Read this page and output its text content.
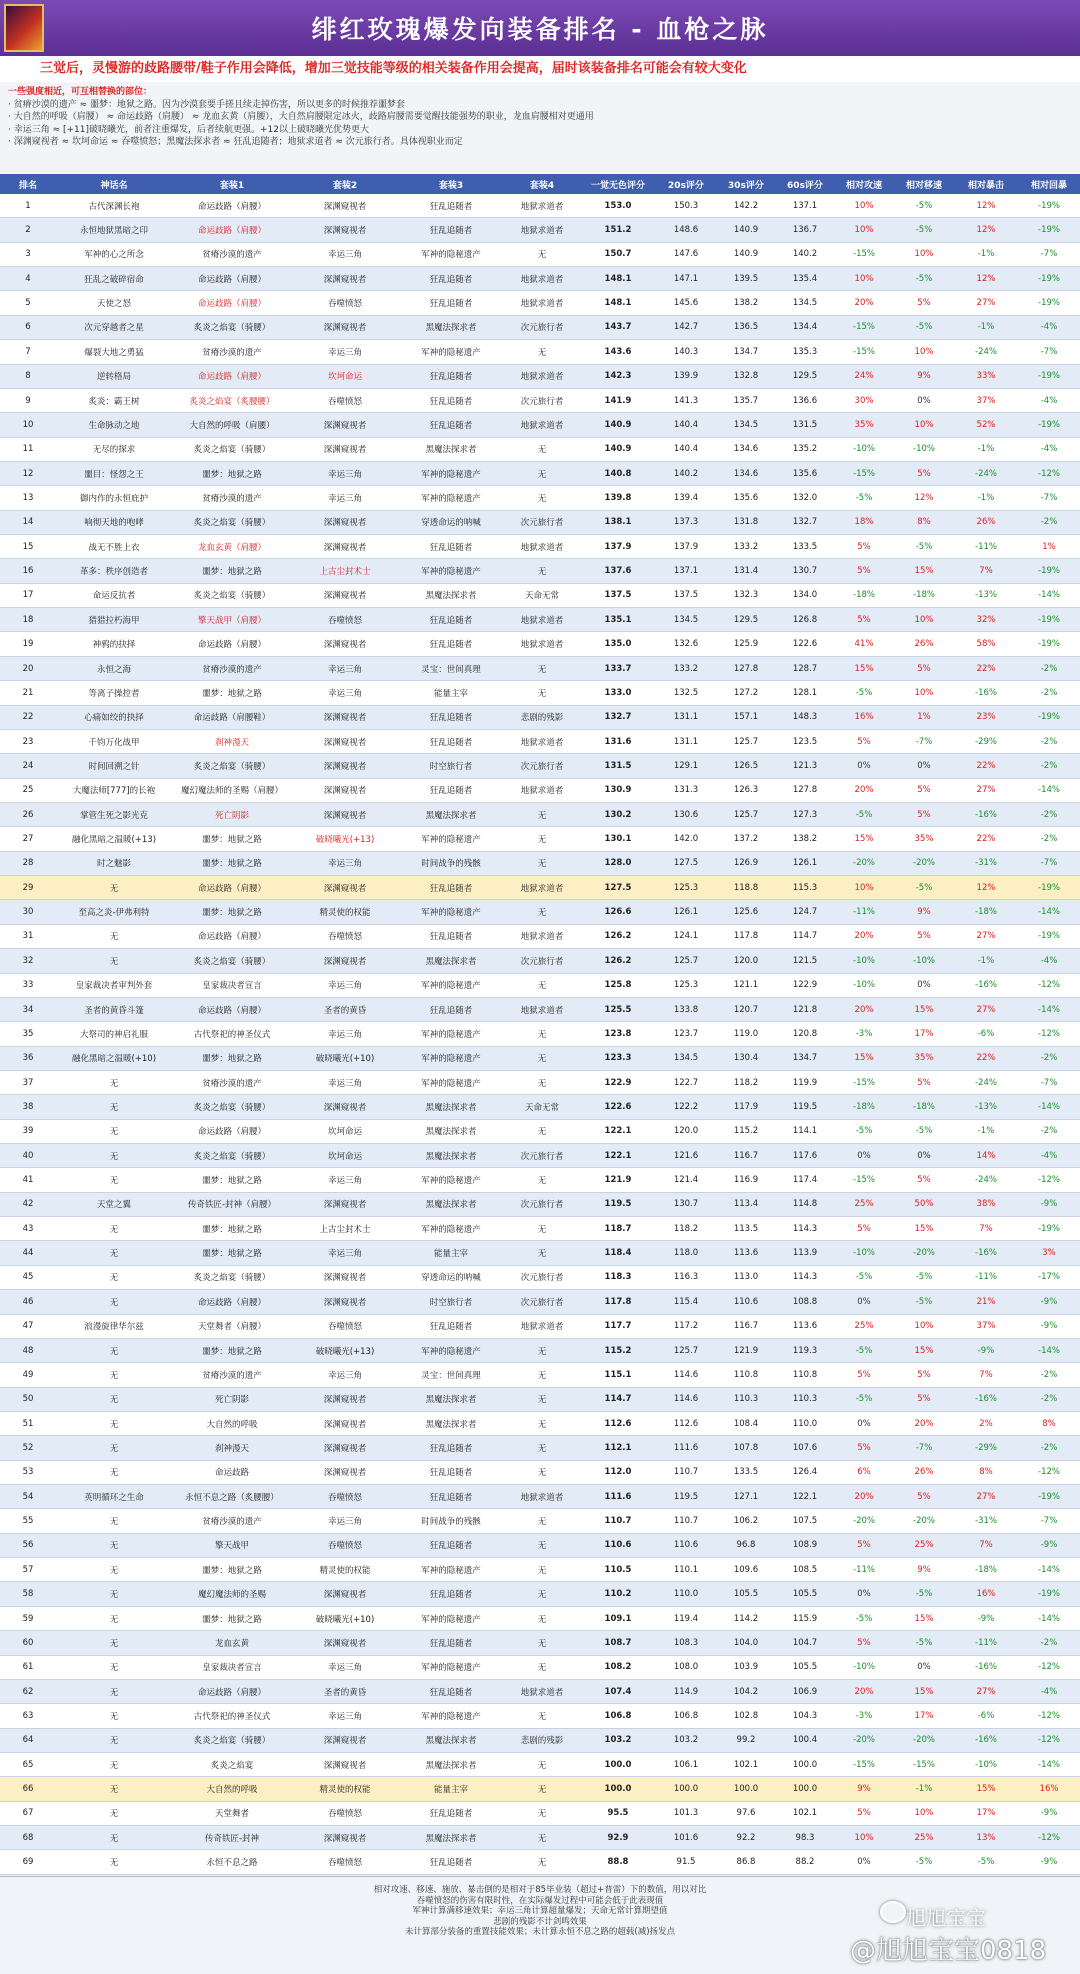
绯红玫瑰爆发向装备排名 - 血枪之脉
三觉后，灵慢游的歧路腰带/鞋子作用会降低，增加三觉技能等级的相关装备作用会提高，届时该装备排名可能会有较大变化
一些强度相近，可互相替换的部位：
· 贫瘠沙漠的遗产 ≈ 噩梦：地狱之路。因为沙漠套要手搓且续走掉伤害，所以更多的时候推荐噩梦套
· 大自然的呼吸（肩腰） ≈ 命运歧路（肩腰） ≈ 龙血玄黄（肩腰），大自然肩腰限定冰火，歧路肩腰需要觉醒技能强势的职业，龙血肩腰相对更通用
· 幸运三角 ≈ [+11]破晓曦光，前者注重爆发，后者续航更强。+12以上破晓曦光优势更大
· 深渊窥视者 ≈ 坎坷命运 ≈ 吞噬愤怒；黑魔法探求者 ≈ 狂乱追随者；地狱求道者 ≈ 次元旅行者。具体视职业而定
排名	神话名	套装1	套装2	套装3	套装4	一觉无色评分	20s评分	30s评分	60s评分	相对攻速	相对移速	相对暴击	相对回暴
1	古代深渊长袍	命运歧路（肩腰）	深渊窥视者	狂乱追随者	地狱求道者	153.0	150.3	142.2	137.1	10%	-5%	12%	-19%
2	永恒地狱黑暗之印	命运歧路（肩腰）	深渊窥视者	狂乱追随者	地狱求道者	151.2	148.6	140.9	136.7	10%	-5%	12%	-19%
3	军神的心之所念	贫瘠沙漠的遗产	幸运三角	军神的隐秘遗产	无	150.7	147.6	140.9	140.2	-15%	10%	-1%	-7%
4	狂乱之破碎宿命	命运歧路（肩腰）	深渊窥视者	狂乱追随者	地狱求道者	148.1	147.1	139.5	135.4	10%	-5%	12%	-19%
5	天使之怒	命运歧路（肩腰）	吞噬愤怒	狂乱追随者	地狱求道者	148.1	145.6	138.2	134.5	20%	5%	27%	-19%
6	次元穿越者之星	炙炎之焰宴（骑腰）	深渊窥视者	黑魔法探求者	次元旅行者	143.7	142.7	136.5	134.4	-15%	-5%	-1%	-4%
7	爆裂大地之勇猛	贫瘠沙漠的遗产	幸运三角	军神的隐秘遗产	无	143.6	140.3	134.7	135.3	-15%	10%	-24%	-7%
8	逆转格局	命运歧路（肩腰）	坎坷命运	狂乱追随者	地狱求道者	142.3	139.9	132.8	129.5	24%	9%	33%	-19%
9	炙炎：霸王树	炙炎之焰宴（炙腰腰）	吞噬愤怒	狂乱追随者	次元旅行者	141.9	141.3	135.7	136.6	30%	0%	37%	-4%
10	生命脉动之地	大自然的呼吸（肩腰）	深渊窥视者	狂乱追随者	地狱求道者	140.9	140.4	134.5	131.5	35%	10%	52%	-19%
11	无尽的探求	炙炎之焰宴（骑腰）	深渊窥视者	黑魔法探求者	无	140.9	140.4	134.6	135.2	-10%	-10%	-1%	-4%
12	噩目：怪怨之王	噩梦：地狱之路	幸运三角	军神的隐秘遗产	无	140.8	140.2	134.6	135.6	-15%	5%	-24%	-12%
13	御内作的永恒庇护	贫瘠沙漠的遗产	幸运三角	军神的隐秘遗产	无	139.8	139.4	135.6	132.0	-5%	12%	-1%	-7%
14	响彻天地的咆哮	炙炎之焰宴（骑腰）	深渊窥视者	穿透命运的呐喊	次元旅行者	138.1	137.3	131.8	132.7	18%	8%	26%	-2%
15	战无不胜上衣	龙血玄黄（肩腰）	深渊窥视者	狂乱追随者	地狱求道者	137.9	137.9	133.2	133.5	5%	-5%	-11%	1%
16	革多：秩序创造者	噩梦：地狱之路	上古尘封术士	军神的隐秘遗产	无	137.6	137.1	131.4	130.7	5%	15%	7%	-19%
17	命运反抗者	炙炎之焰宴（骑腰）	深渊窥视者	黑魔法探求者	天命无常	137.5	137.5	132.3	134.0	-18%	-18%	-13%	-14%
18	猎猎拉朽海甲	擎天战甲（肩腰）	吞噬愤怒	狂乱追随者	地狱求道者	135.1	134.5	129.5	126.8	5%	10%	32%	-19%
19	神鸦的抉择	命运歧路（肩腰）	深渊窥视者	狂乱追随者	地狱求道者	135.0	132.6	125.9	122.6	41%	26%	58%	-19%
20	永恒之海	贫瘠沙漠的遗产	幸运三角	灵宝：世间真理	无	133.7	133.2	127.8	128.7	15%	5%	22%	-2%
21	等离子操控者	噩梦：地狱之路	幸运三角	能量主宰	无	133.0	132.5	127.2	128.1	-5%	10%	-16%	-2%
22	心痛如绞的抉择	命运歧路（肩腰鞋）	深渊窥视者	狂乱追随者	悲剧的残影	132.7	131.1	157.1	148.3	16%	1%	23%	-19%
23	千钧万化战甲	刹神漫天	深渊窥视者	狂乱追随者	地狱求道者	131.6	131.1	125.7	123.5	5%	-7%	-29%	-2%
24	时间回溯之针	炙炎之焰宴（骑腰）	深渊窥视者	时空旅行者	次元旅行者	131.5	129.1	126.5	121.3	0%	0%	22%	-2%
25	大魔法师[777]的长袍	魔幻魔法师的圣赐（肩腰）	深渊窥视者	狂乱追随者	地狱求道者	130.9	131.3	126.3	127.8	20%	5%	27%	-14%
26	掌管生死之影光克	死亡阴影	深渊窥视者	黑魔法探求者	无	130.2	130.6	125.7	127.3	-5%	5%	-16%	-2%
27	融化黑暗之温暖(+13)	噩梦：地狱之路	破晓曦光(+13)	军神的隐秘遗产	无	130.1	142.0	137.2	138.2	15%	35%	22%	-2%
28	时之魅影	噩梦：地狱之路	幸运三角	时间战争的残骸	无	128.0	127.5	126.9	126.1	-20%	-20%	-31%	-7%
29	无	命运歧路（肩腰）	深渊窥视者	狂乱追随者	地狱求道者	127.5	125.3	118.8	115.3	10%	-5%	12%	-19%
30	至高之炎-伊弗利特	噩梦：地狱之路	精灵使的权能	军神的隐秘遗产	无	126.6	126.1	125.6	124.7	-11%	9%	-18%	-14%
31	无	命运歧路（肩腰）	吞噬愤怒	狂乱追随者	地狱求道者	126.2	124.1	117.8	114.7	20%	5%	27%	-19%
32	无	炙炎之焰宴（骑腰）	深渊窥视者	黑魔法探求者	次元旅行者	126.2	125.7	120.0	121.5	-10%	-10%	-1%	-4%
33	皇家裁决者审判外套	皇家裁决者宣言	幸运三角	军神的隐秘遗产	无	125.8	125.3	121.1	122.9	-10%	0%	-16%	-12%
34	圣者的黄昏斗篷	命运歧路（肩腰）	圣者的黄昏	狂乱追随者	地狱求道者	125.5	133.8	120.7	121.8	20%	15%	27%	-14%
35	大祭司的神启礼服	古代祭祀的神圣仪式	幸运三角	军神的隐秘遗产	无	123.8	123.7	119.0	120.8	-3%	17%	-6%	-12%
36	融化黑暗之温暖(+10)	噩梦：地狱之路	破晓曦光(+10)	军神的隐秘遗产	无	123.3	134.5	130.4	134.7	15%	35%	22%	-2%
37	无	贫瘠沙漠的遗产	幸运三角	军神的隐秘遗产	无	122.9	122.7	118.2	119.9	-15%	5%	-24%	-7%
38	无	炙炎之焰宴（骑腰）	深渊窥视者	黑魔法探求者	天命无常	122.6	122.2	117.9	119.5	-18%	-18%	-13%	-14%
39	无	命运歧路（肩腰）	坎坷命运	黑魔法探求者	无	122.1	120.0	115.2	114.1	-5%	-5%	-1%	-2%
40	无	炙炎之焰宴（骑腰）	坎坷命运	黑魔法探求者	次元旅行者	122.1	121.6	116.7	117.6	0%	0%	14%	-4%
41	无	噩梦：地狱之路	幸运三角	军神的隐秘遗产	无	121.9	121.4	116.9	117.4	-15%	5%	-24%	-12%
42	天堂之翼	传奇铁匠-封神（肩腰）	深渊窥视者	黑魔法探求者	次元旅行者	119.5	130.7	113.4	114.8	25%	50%	38%	-9%
43	无	噩梦：地狱之路	上古尘封术士	军神的隐秘遗产	无	118.7	118.2	113.5	114.3	5%	15%	7%	-19%
44	无	噩梦：地狱之路	幸运三角	能量主宰	无	118.4	118.0	113.6	113.9	-10%	-20%	-16%	3%
45	无	炙炎之焰宴（骑腰）	深渊窥视者	穿透命运的呐喊	次元旅行者	118.3	116.3	113.0	114.3	-5%	-5%	-11%	-17%
46	无	命运歧路（肩腰）	深渊窥视者	时空旅行者	次元旅行者	117.8	115.4	110.6	108.8	0%	-5%	21%	-9%
47	浪漫旋律华尔兹	天堂舞者（肩腰）	吞噬愤怒	狂乱追随者	地狱求道者	117.7	117.2	116.7	113.6	25%	10%	37%	-9%
48	无	噩梦：地狱之路	破晓曦光(+13)	军神的隐秘遗产	无	115.2	125.7	121.9	119.3	-5%	15%	-9%	-14%
49	无	贫瘠沙漠的遗产	幸运三角	灵宝：世间真理	无	115.1	114.6	110.8	110.8	5%	5%	7%	-2%
50	无	死亡阴影	深渊窥视者	黑魔法探求者	无	114.7	114.6	110.3	110.3	-5%	5%	-16%	-2%
51	无	大自然的呼吸	深渊窥视者	黑魔法探求者	无	112.6	112.6	108.4	110.0	0%	20%	2%	8%
52	无	刹神漫天	深渊窥视者	狂乱追随者	无	112.1	111.6	107.8	107.6	5%	-7%	-29%	-2%
53	无	命运歧路	深渊窥视者	狂乱追随者	无	112.0	110.7	133.5	126.4	6%	26%	8%	-12%
54	英明循环之生命	永恒不息之路（炙腰腰）	吞噬愤怒	狂乱追随者	地狱求道者	111.6	119.5	127.1	122.1	20%	5%	27%	-19%
55	无	贫瘠沙漠的遗产	幸运三角	时间战争的残骸	无	110.7	110.7	106.2	107.5	-20%	-20%	-31%	-7%
56	无	擎天战甲	吞噬愤怒	狂乱追随者	无	110.6	110.6	96.8	108.9	5%	25%	7%	-9%
57	无	噩梦：地狱之路	精灵使的权能	军神的隐秘遗产	无	110.5	110.1	109.6	108.5	-11%	9%	-18%	-14%
58	无	魔幻魔法师的圣赐	深渊窥视者	狂乱追随者	无	110.2	110.0	105.5	105.5	0%	-5%	16%	-19%
59	无	噩梦：地狱之路	破晓曦光(+10)	军神的隐秘遗产	无	109.1	119.4	114.2	115.9	-5%	15%	-9%	-14%
60	无	龙血玄黄	深渊窥视者	狂乱追随者	无	108.7	108.3	104.0	104.7	5%	-5%	-11%	-2%
61	无	皇家裁决者宣言	幸运三角	军神的隐秘遗产	无	108.2	108.0	103.9	105.5	-10%	0%	-16%	-12%
62	无	命运歧路（肩腰）	圣者的黄昏	狂乱追随者	地狱求道者	107.4	114.9	104.2	106.9	20%	15%	27%	-4%
63	无	古代祭祀的神圣仪式	幸运三角	军神的隐秘遗产	无	106.8	106.8	102.8	104.3	-3%	17%	-6%	-12%
64	无	炙炎之焰宴（骑腰）	深渊窥视者	黑魔法探求者	悲剧的残影	103.2	103.2	99.2	100.4	-20%	-20%	-16%	-12%
65	无	炙炎之焰宴	深渊窥视者	黑魔法探求者	无	100.0	106.1	102.1	100.0	-15%	-15%	-10%	-14%
66	无	大自然的呼吸	精灵使的权能	能量主宰	无	100.0	100.0	100.0	100.0	9%	-1%	15%	16%
67	无	天堂舞者	吞噬愤怒	狂乱追随者	无	95.5	101.3	97.6	102.1	5%	10%	17%	-9%
68	无	传奇铁匠-封神	深渊窥视者	黑魔法探求者	无	92.9	101.6	92.2	98.3	10%	25%	13%	-12%
69	无	永恒不息之路	吞噬愤怒	狂乱追随者	无	88.8	91.5	86.8	88.2	0%	-5%	-5%	-9%
相对攻速、移速、施放、暴击倒的是相对于85毕业装（超过+普雷）下的数值，用以对比
吞噬愤怒的伤害有限时性，在实际爆发过程中可能会低于此表现值
军神计算满移速效果；幸运三角计算超量爆发；天命无常计算期望值
悲剧的残影不计剑鸣效果
未计算部分装备的重置技能效果；未计算永恒不息之路的超载(减)扬发点
旭旭宝宝
@旭旭宝宝0818
